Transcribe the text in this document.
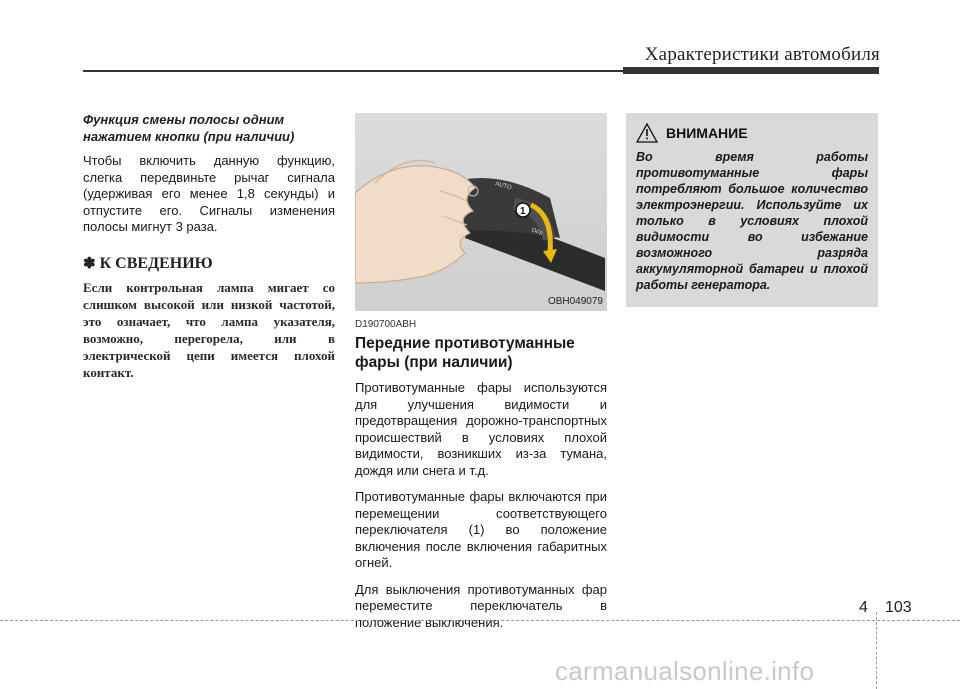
Характеристики автомобиля

Функция смены полосы одним нажатием кнопки (при наличии)

Чтобы включить данную функцию, слегка передвиньте рычаг сигнала (удерживая его менее 1,8 секунды) и отпустите его. Сигналы изменения полосы мигнут 3 раза.

✽ К СВЕДЕНИЮ

Если контрольная лампа мигает со слишком высокой или низкой частотой, это означает, что лампа указателя, возможно, перегорела, или в электрической цепи имеется плохой контакт.

1
AUTO
OFF
OBH049079
D190700ABH
Передние противотуманные фары (при наличии)

Противотуманные фары используются для улучшения видимости и предотвращения дорожно-транспортных происшествий в условиях плохой видимости, возникших из-за тумана, дождя или снега и т.д.

Противотуманные фары включаются при перемещении соответствующего переключателя (1) во положение включения после включения габаритных огней.

Для выключения противотуманных фар переместите переключатель в положение выключения.

ВНИМАНИЕ

Во время работы противотуманные фары потребляют большое количество электроэнергии. Используйте их только в условиях плохой видимости во избежание возможного разряда аккумуляторной батареи и плохой работы генератора.

4 103
carmanualsonline.info
